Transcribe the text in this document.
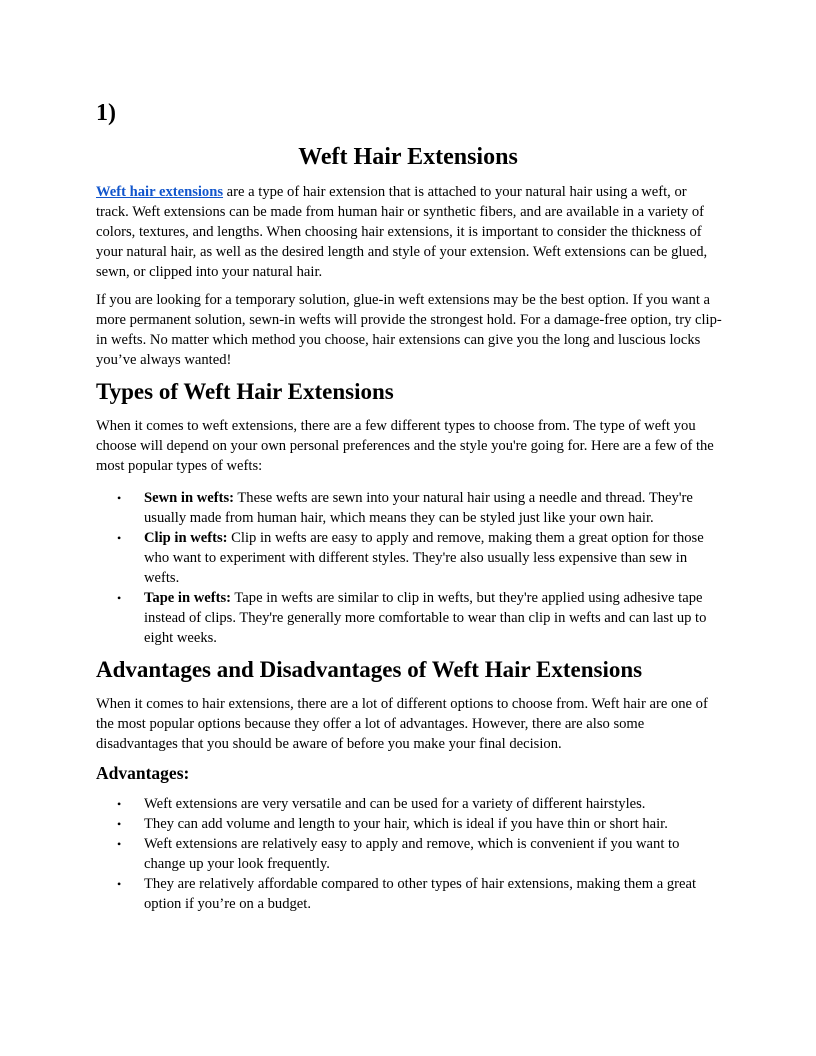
1)
Weft Hair Extensions

Weft hair extensions are a type of hair extension that is attached to your natural hair using a weft, or track. Weft extensions can be made from human hair or synthetic fibers, and are available in a variety of colors, textures, and lengths. When choosing hair extensions, it is important to consider the thickness of your natural hair, as well as the desired length and style of your extension. Weft extensions can be glued, sewn, or clipped into your natural hair.

If you are looking for a temporary solution, glue-in weft extensions may be the best option. If you want a more permanent solution, sewn-in wefts will provide the strongest hold. For a damage-free option, try clip-in wefts. No matter which method you choose, hair extensions can give you the long and luscious locks you’ve always wanted!

Types of Weft Hair Extensions

When it comes to weft extensions, there are a few different types to choose from. The type of weft you choose will depend on your own personal preferences and the style you're going for. Here are a few of the most popular types of wefts:

• Sewn in wefts: These wefts are sewn into your natural hair using a needle and thread. They're usually made from human hair, which means they can be styled just like your own hair.
• Clip in wefts: Clip in wefts are easy to apply and remove, making them a great option for those who want to experiment with different styles. They're also usually less expensive than sew in wefts.
• Tape in wefts: Tape in wefts are similar to clip in wefts, but they're applied using adhesive tape instead of clips. They're generally more comfortable to wear than clip in wefts and can last up to eight weeks.
Advantages and Disadvantages of Weft Hair Extensions

When it comes to hair extensions, there are a lot of different options to choose from. Weft hair are one of the most popular options because they offer a lot of advantages. However, there are also some disadvantages that you should be aware of before you make your final decision.

Advantages:
• Weft extensions are very versatile and can be used for a variety of different hairstyles.
• They can add volume and length to your hair, which is ideal if you have thin or short hair.
• Weft extensions are relatively easy to apply and remove, which is convenient if you want to change up your look frequently.
• They are relatively affordable compared to other types of hair extensions, making them a great option if you’re on a budget.
